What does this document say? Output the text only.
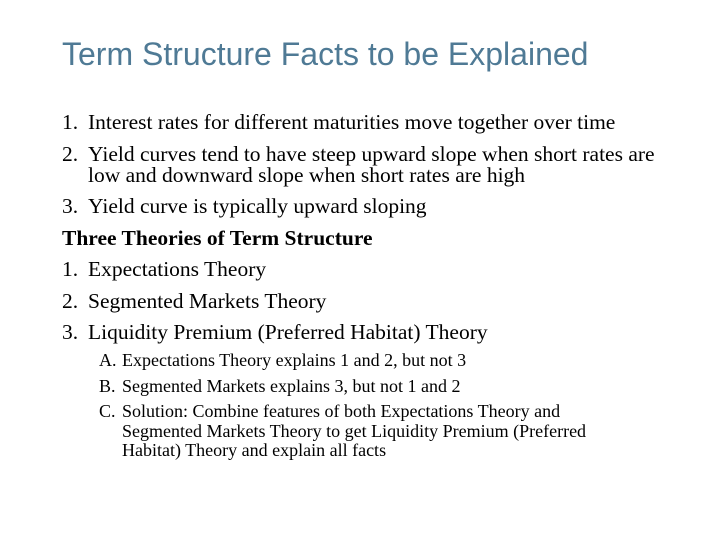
Term Structure Facts to be Explained
1. Interest rates for different maturities move together over time
2. Yield curves tend to have steep upward slope when short rates are low and downward slope when short rates are high
3. Yield curve is typically upward sloping
Three Theories of Term Structure
1. Expectations Theory
2. Segmented Markets Theory
3. Liquidity Premium (Preferred Habitat) Theory
A. Expectations Theory explains 1 and 2, but not 3
B. Segmented Markets explains 3, but not 1 and 2
C. Solution: Combine features of both Expectations Theory and Segmented Markets Theory to get Liquidity Premium (Preferred Habitat) Theory and explain all facts
